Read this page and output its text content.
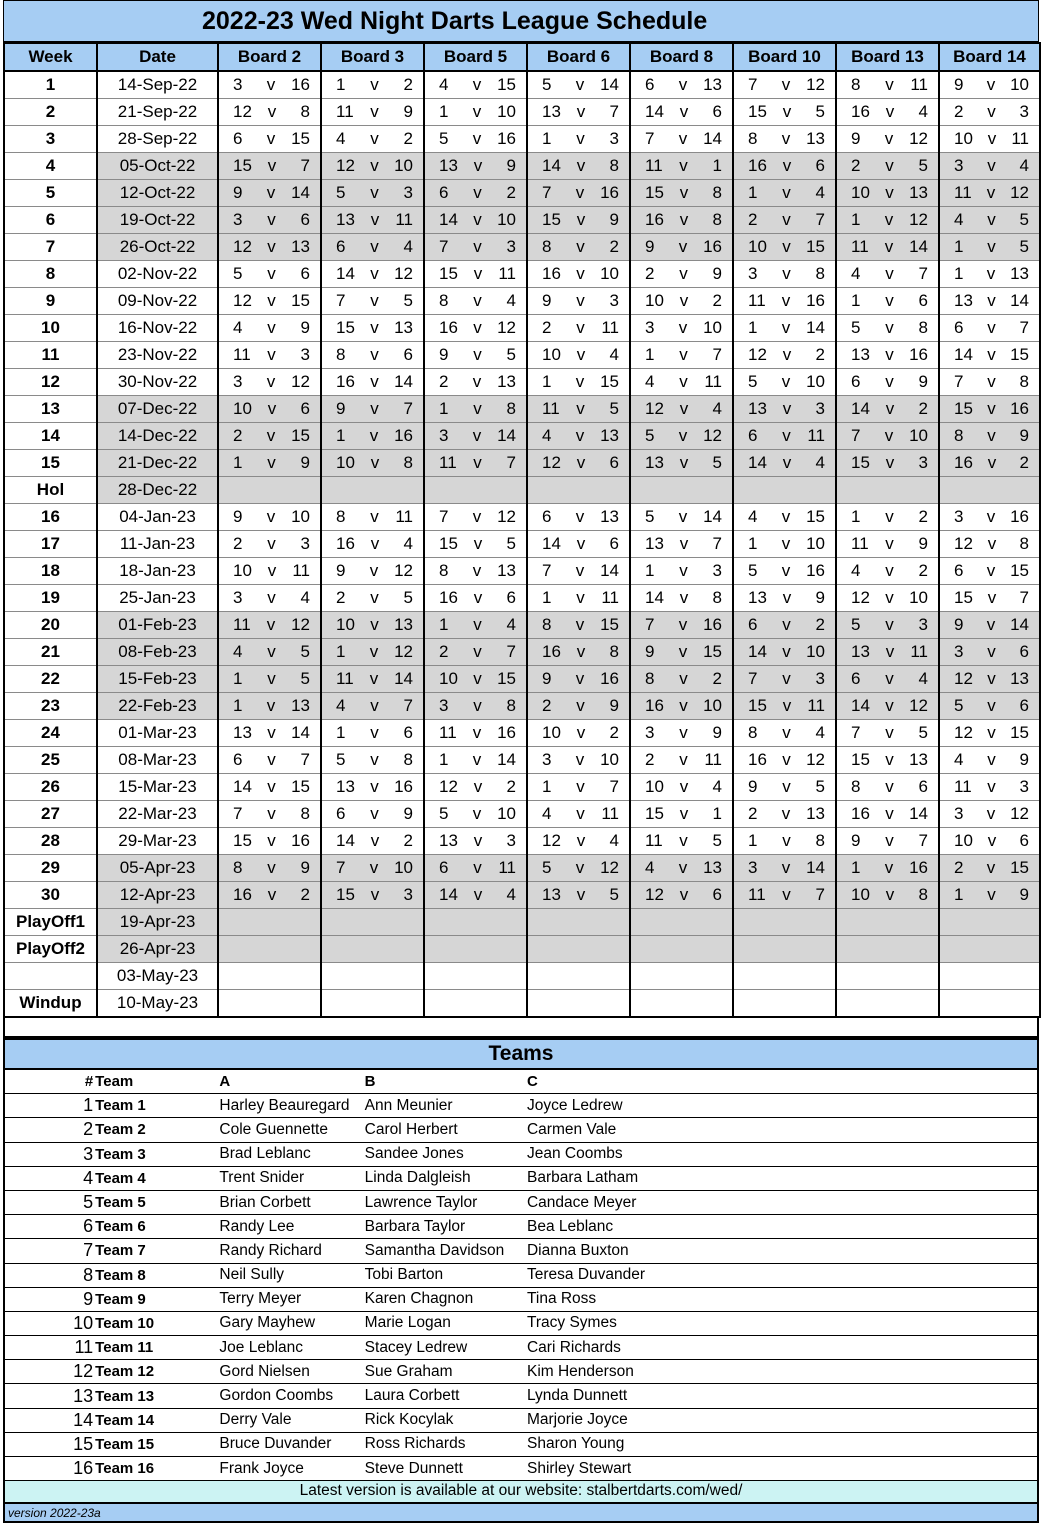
2022-23 Wed Night Darts League Schedule
Week	Date	Board 2	Board 3	Board 5	Board 6	Board 8	Board 10	Board 13	Board 14
1	14-Sep-22	3 v 16	1 v 2	4 v 15	5 v 14	6 v 13	7 v 12	8 v 11	9 v 10

2	21-Sep-22	12 v 8	11 v 9	1 v 10	13 v 7	14 v 6	15 v 5	16 v 4	2 v 3

3	28-Sep-22	6 v 15	4 v 2	5 v 16	1 v 3	7 v 14	8 v 13	9 v 12	10 v 11

4	05-Oct-22	15 v 7	12 v 10	13 v 9	14 v 8	11 v 1	16 v 6	2 v 5	3 v 4

5	12-Oct-22	9 v 14	5 v 3	6 v 2	7 v 16	15 v 8	1 v 4	10 v 13	11 v 12

6	19-Oct-22	3 v 6	13 v 11	14 v 10	15 v 9	16 v 8	2 v 7	1 v 12	4 v 5

7	26-Oct-22	12 v 13	6 v 4	7 v 3	8 v 2	9 v 16	10 v 15	11 v 14	1 v 5

8	02-Nov-22	5 v 6	14 v 12	15 v 11	16 v 10	2 v 9	3 v 8	4 v 7	1 v 13

9	09-Nov-22	12 v 15	7 v 5	8 v 4	9 v 3	10 v 2	11 v 16	1 v 6	13 v 14

10	16-Nov-22	4 v 9	15 v 13	16 v 12	2 v 11	3 v 10	1 v 14	5 v 8	6 v 7

11	23-Nov-22	11 v 3	8 v 6	9 v 5	10 v 4	1 v 7	12 v 2	13 v 16	14 v 15

12	30-Nov-22	3 v 12	16 v 14	2 v 13	1 v 15	4 v 11	5 v 10	6 v 9	7 v 8

13	07-Dec-22	10 v 6	9 v 7	1 v 8	11 v 5	12 v 4	13 v 3	14 v 2	15 v 16

14	14-Dec-22	2 v 15	1 v 16	3 v 14	4 v 13	5 v 12	6 v 11	7 v 10	8 v 9

15	21-Dec-22	1 v 9	10 v 8	11 v 7	12 v 6	13 v 5	14 v 4	15 v 3	16 v 2

Hol	28-Dec-22								
16	04-Jan-23	9 v 10	8 v 11	7 v 12	6 v 13	5 v 14	4 v 15	1 v 2	3 v 16

17	11-Jan-23	2 v 3	16 v 4	15 v 5	14 v 6	13 v 7	1 v 10	11 v 9	12 v 8

18	18-Jan-23	10 v 11	9 v 12	8 v 13	7 v 14	1 v 3	5 v 16	4 v 2	6 v 15

19	25-Jan-23	3 v 4	2 v 5	16 v 6	1 v 11	14 v 8	13 v 9	12 v 10	15 v 7

20	01-Feb-23	11 v 12	10 v 13	1 v 4	8 v 15	7 v 16	6 v 2	5 v 3	9 v 14

21	08-Feb-23	4 v 5	1 v 12	2 v 7	16 v 8	9 v 15	14 v 10	13 v 11	3 v 6

22	15-Feb-23	1 v 5	11 v 14	10 v 15	9 v 16	8 v 2	7 v 3	6 v 4	12 v 13

23	22-Feb-23	1 v 13	4 v 7	3 v 8	2 v 9	16 v 10	15 v 11	14 v 12	5 v 6

24	01-Mar-23	13 v 14	1 v 6	11 v 16	10 v 2	3 v 9	8 v 4	7 v 5	12 v 15

25	08-Mar-23	6 v 7	5 v 8	1 v 14	3 v 10	2 v 11	16 v 12	15 v 13	4 v 9

26	15-Mar-23	14 v 15	13 v 16	12 v 2	1 v 7	10 v 4	9 v 5	8 v 6	11 v 3

27	22-Mar-23	7 v 8	6 v 9	5 v 10	4 v 11	15 v 1	2 v 13	16 v 14	3 v 12

28	29-Mar-23	15 v 16	14 v 2	13 v 3	12 v 4	11 v 5	1 v 8	9 v 7	10 v 6

29	05-Apr-23	8 v 9	7 v 10	6 v 11	5 v 12	4 v 13	3 v 14	1 v 16	2 v 15

30	12-Apr-23	16 v 2	15 v 3	14 v 4	13 v 5	12 v 6	11 v 7	10 v 8	1 v 9

PlayOff1	19-Apr-23								
PlayOff2	26-Apr-23								
	03-May-23								
Windup	10-May-23								
Teams
#	Team	A	B	C
1	Team 1	Harley Beauregard	Ann Meunier	Joyce Ledrew
2	Team 2	Cole Guennette	Carol Herbert	Carmen Vale
3	Team 3	Brad Leblanc	Sandee Jones	Jean Coombs
4	Team 4	Trent Snider	Linda Dalgleish	Barbara Latham
5	Team 5	Brian Corbett	Lawrence Taylor	Candace Meyer
6	Team 6	Randy Lee	Barbara Taylor	Bea Leblanc
7	Team 7	Randy Richard	Samantha Davidson	Dianna Buxton
8	Team 8	Neil Sully	Tobi Barton	Teresa Duvander
9	Team 9	Terry Meyer	Karen Chagnon	Tina Ross
10	Team 10	Gary Mayhew	Marie Logan	Tracy Symes
11	Team 11	Joe Leblanc	Stacey Ledrew	Cari Richards
12	Team 12	Gord Nielsen	Sue Graham	Kim Henderson
13	Team 13	Gordon Coombs	Laura Corbett	Lynda Dunnett
14	Team 14	Derry Vale	Rick Kocylak	Marjorie Joyce
15	Team 15	Bruce Duvander	Ross Richards	Sharon Young
16	Team 16	Frank Joyce	Steve Dunnett	Shirley Stewart
Latest version is available at our website: stalbertdarts.com/wed/
version 2022-23a
